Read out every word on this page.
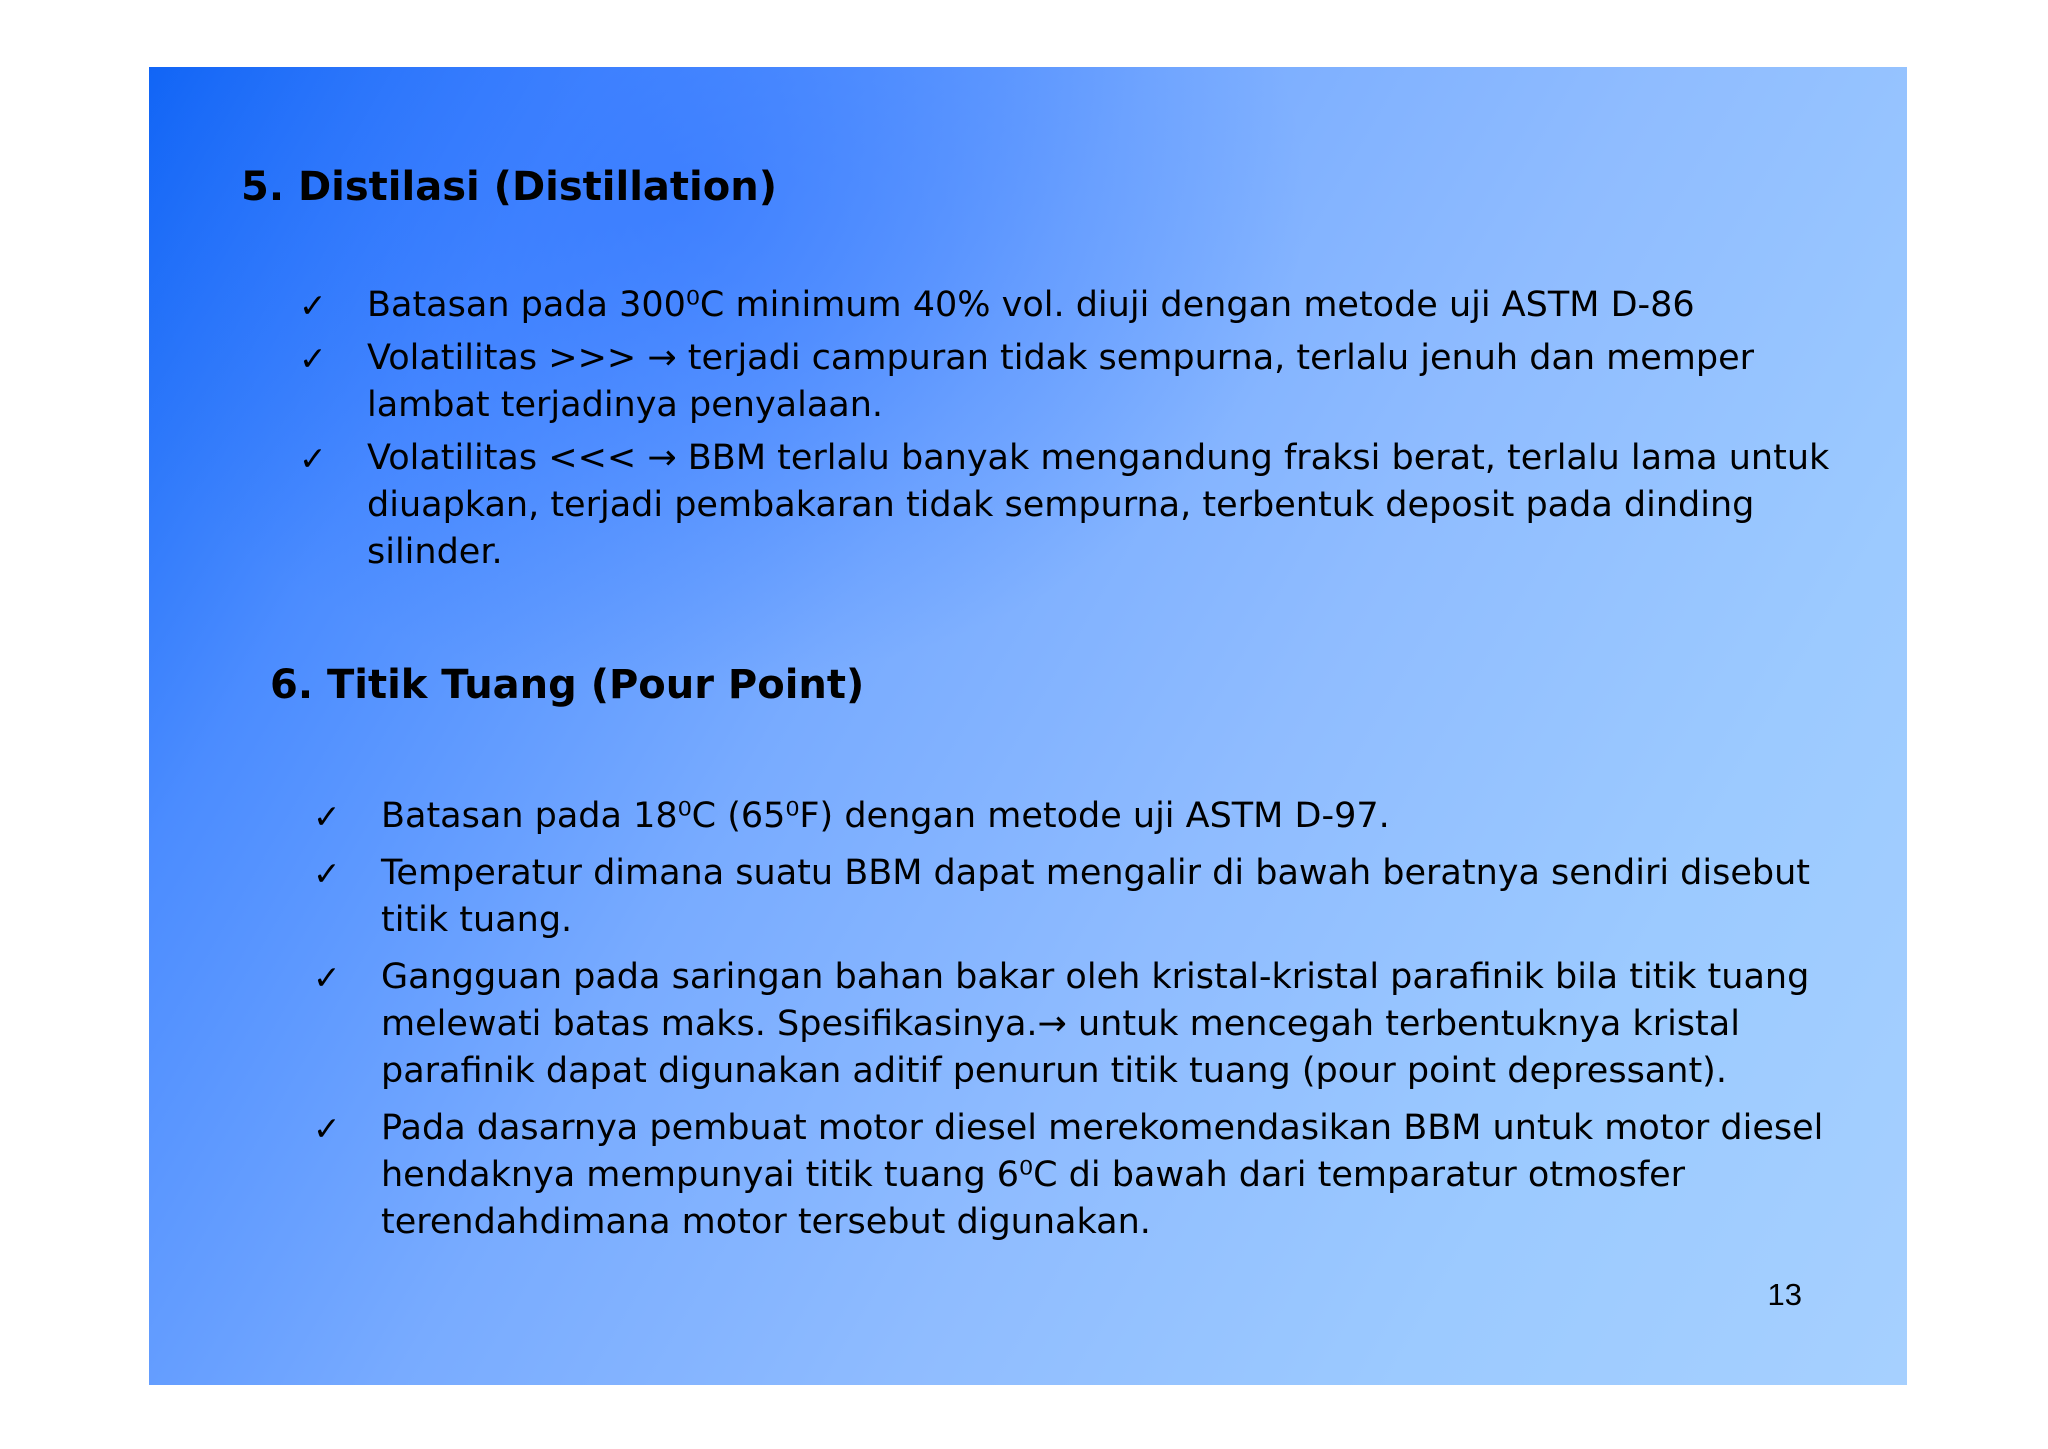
5. Distilasi (Distillation)
✓ Batasan pada 300⁰C minimum 40% vol. diuji dengan metode uji ASTM D-86
✓ Volatilitas >>> → terjadi campuran tidak sempurna, terlalu jenuh dan memper lambat terjadinya penyalaan.
✓ Volatilitas <<< → BBM terlalu banyak mengandung fraksi berat, terlalu lama untuk diuapkan, terjadi pembakaran tidak sempurna, terbentuk deposit pada dinding silinder.
6. Titik Tuang (Pour Point)
✓ Batasan pada 18⁰C (65⁰F) dengan metode uji ASTM D-97.
✓ Temperatur dimana suatu BBM dapat mengalir di bawah beratnya sendiri disebut titik tuang.
✓ Gangguan pada saringan bahan bakar oleh kristal-kristal parafinik bila titik tuang melewati batas maks. Spesifikasinya.→ untuk mencegah terbentuknya kristal parafinik dapat digunakan aditif penurun titik tuang (pour point depressant).
✓ Pada dasarnya pembuat motor diesel merekomendasikan BBM untuk motor diesel hendaknya mempunyai titik tuang 6⁰C di bawah dari temparatur otmosfer terendahdimana motor tersebut digunakan.
13
